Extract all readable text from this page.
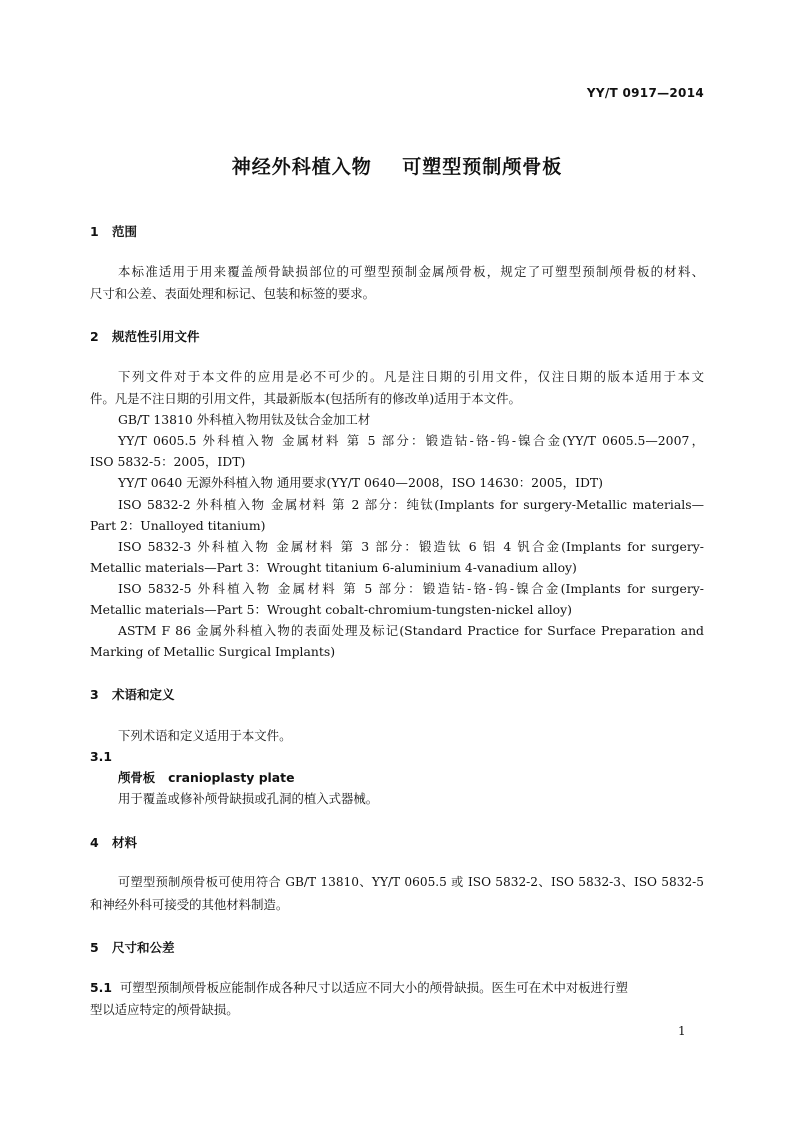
YY/T 0917—2014
神经外科植入物    可塑型预制颅骨板
1 范围
本标准适用于用来覆盖颅骨缺损部位的可塑型预制金属颅骨板，规定了可塑型预制颅骨板的材料、
尺寸和公差、表面处理和标记、包装和标签的要求。
2 规范性引用文件
下列文件对于本文件的应用是必不可少的。凡是注日期的引用文件，仅注日期的版本适用于本文
件。凡是不注日期的引用文件，其最新版本(包括所有的修改单)适用于本文件。
GB/T 13810 外科植入物用钛及钛合金加工材
YY/T 0605.5 外科植入物 金属材料 第 5 部分：锻造钴-铬-钨-镍合金(YY/T 0605.5—2007，
ISO 5832-5：2005，IDT)
YY/T 0640 无源外科植入物 通用要求(YY/T 0640—2008，ISO 14630：2005，IDT)
ISO 5832-2 外科植入物 金属材料 第 2 部分：纯钛(Implants for surgery-Metallic materials—
Part 2：Unalloyed titanium)
ISO 5832-3 外科植入物 金属材料 第 3 部分：锻造钛 6 铝 4 钒合金(Implants for surgery-
Metallic materials—Part 3：Wrought titanium 6-aluminium 4-vanadium alloy)
ISO 5832-5 外科植入物 金属材料 第 5 部分：锻造钴-铬-钨-镍合金(Implants for surgery-
Metallic materials—Part 5：Wrought cobalt-chromium-tungsten-nickel alloy)
ASTM F 86 金属外科植入物的表面处理及标记(Standard Practice for Surface Preparation and
Marking of Metallic Surgical Implants)
3 术语和定义
下列术语和定义适用于本文件。
3.1
颅骨板 cranioplasty plate
用于覆盖或修补颅骨缺损或孔洞的植入式器械。
4 材料
可塑型预制颅骨板可使用符合 GB/T 13810、YY/T 0605.5 或 ISO 5832-2、ISO 5832-3、ISO 5832-5
和神经外科可接受的其他材料制造。
5 尺寸和公差
5.1 可塑型预制颅骨板应能制作成各种尺寸以适应不同大小的颅骨缺损。医生可在术中对板进行塑
型以适应特定的颅骨缺损。
1
